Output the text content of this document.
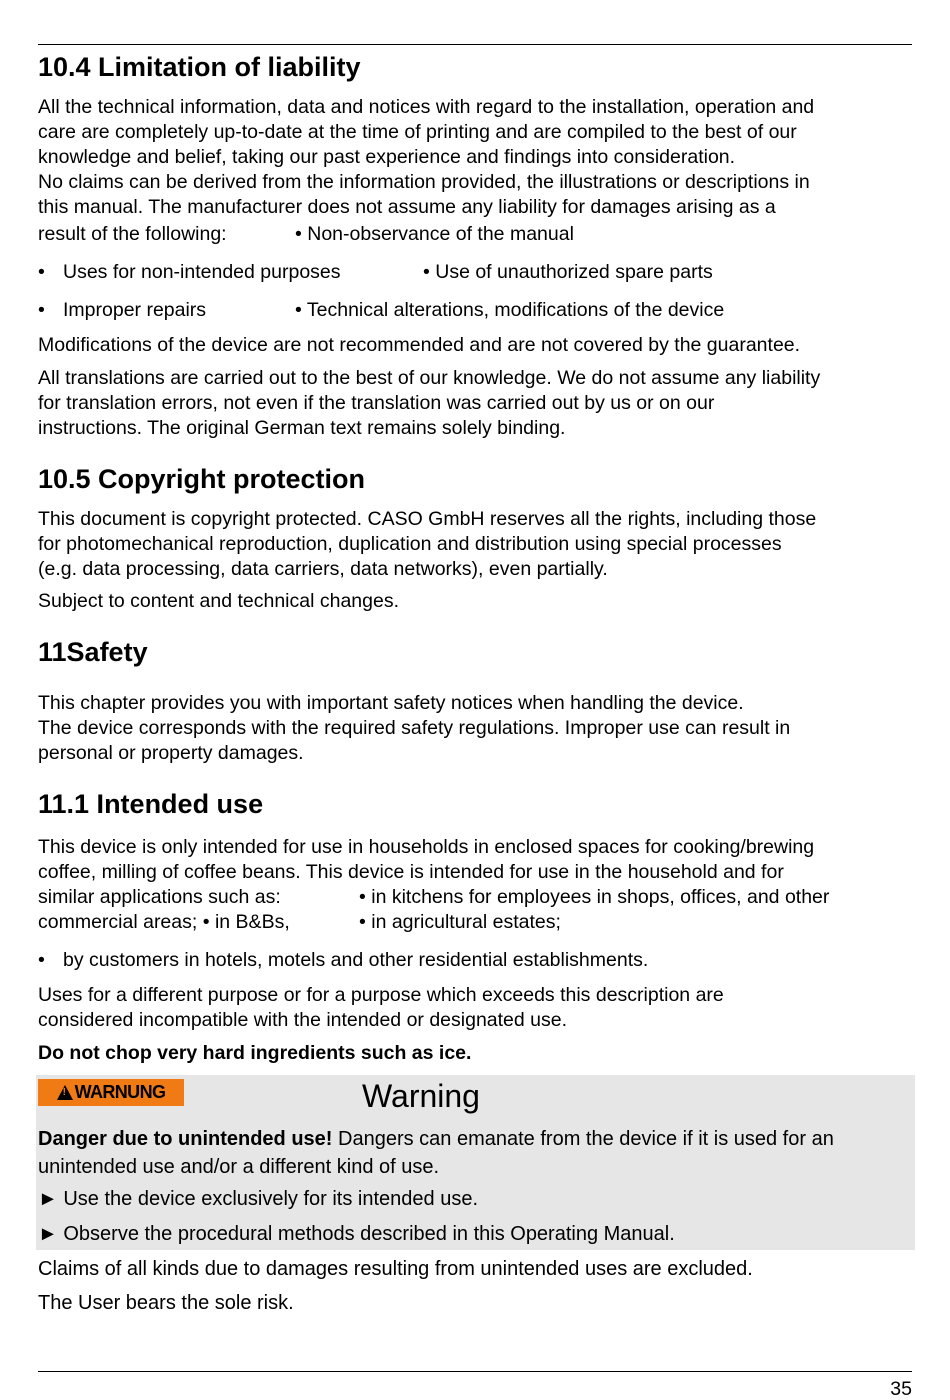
10.4 Limitation of liability
All the technical information, data and notices with regard to the installation, operation and
care are completely up-to-date at the time of printing and are compiled to the best of our
knowledge and belief, taking our past experience and findings into consideration.
No claims can be derived from the information provided, the illustrations or descriptions in
this manual. The manufacturer does not assume any liability for damages arising as a
result of the following:	• Non-observance of the manual
• Uses for non-intended purposes	• Use of unauthorized spare parts
• Improper repairs	• Technical alterations, modifications of the device
Modifications of the device are not recommended and are not covered by the guarantee.
All translations are carried out to the best of our knowledge. We do not assume any liability
for translation errors, not even if the translation was carried out by us or on our
instructions. The original German text remains solely binding.
10.5 Copyright protection
This document is copyright protected. CASO GmbH reserves all the rights, including those
for photomechanical reproduction, duplication and distribution using special processes
(e.g. data processing, data carriers, data networks), even partially.
Subject to content and technical changes.
11Safety
This chapter provides you with important safety notices when handling the device.
The device corresponds with the required safety regulations. Improper use can result in
personal or property damages.
11.1 Intended use
This device is only intended for use in households in enclosed spaces for cooking/brewing
coffee, milling of coffee beans. This device is intended for use in the household and for
similar applications such as:	• in kitchens for employees in shops, offices, and other
commercial areas; • in B&Bs,	• in agricultural estates;
• by customers in hotels, motels and other residential establishments.
Uses for a different purpose or for a purpose which exceeds this description are
considered incompatible with the intended or designated use.
Do not chop very hard ingredients such as ice.
!
WARNUNG	Warning
Danger due to unintended use! Dangers can emanate from the device if it is used for an
unintended use and/or a different kind of use.
► Use the device exclusively for its intended use.
► Observe the procedural methods described in this Operating Manual.
Claims of all kinds due to damages resulting from unintended uses are excluded.
The User bears the sole risk.
35
